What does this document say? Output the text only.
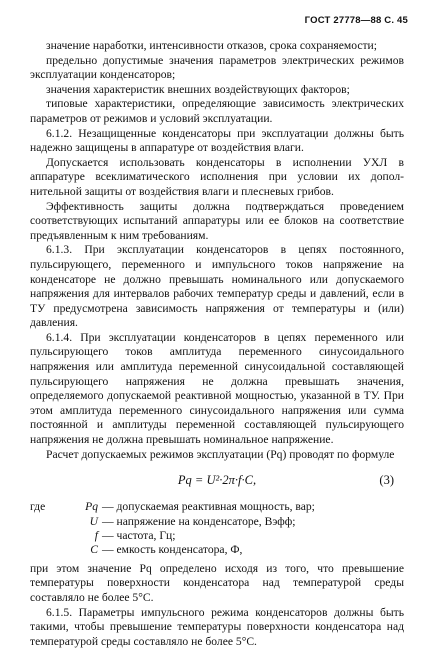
ГОСТ 27778—88 С. 45

значение наработки, интенсивности отказов, срока сохраняемости;

предельно допустимые значения параметров электрических режимов эксплуатации конденсаторов;

значения характеристик внешних воздействующих факторов;

типовые характеристики, определяющие зависимость электрических параметров от режимов и условий эксплуатации.

6.1.2. Незащищенные конденсаторы при эксплуатации должны быть надежно защищены в аппаратуре от воздействия влаги.

Допускается использовать конденсаторы в исполнении УХЛ в аппаратуре всеклиматического исполнения при условии их дополнительной защиты от воздействия влаги и плесневых грибов.

Эффективность защиты должна подтверждаться проведением соответствующих испытаний аппаратуры или ее блоков на соответствие предъявленным к ним требованиям.

6.1.3. При эксплуатации конденсаторов в цепях постоянного, пульсирующего, переменного и импульсного токов напряжение на конденсаторе не должно превышать номинального или допускаемого напряжения для интервалов рабочих температур среды и давлений, если в ТУ предусмотрена зависимость напряжения от температуры и (или) давления.

6.1.4. При эксплуатации конденсаторов в цепях переменного или пульсирующего токов амплитуда переменного синусоидального напряжения или амплитуда переменной синусоидальной составляющей пульсирующего напряжения не должна превышать значения, определяемого допускаемой реактивной мощностью, указанной в ТУ. При этом амплитуда переменного синусоидального напряжения или сумма постоянной и амплитуды переменной составляющей пульсирующего напряжения не должна превышать номинальное напряжение.

Расчет допускаемых режимов эксплуатации (Pq) проводят по формуле

Pq = U²·2π·f·C,	(3)
где	Pq — допускаемая реактивная мощность, вар;
U — напряжение на конденсаторе, Вэфф;
f — частота, Гц;
C — емкость конденсатора, Ф,

при этом значение Pq определено исходя из того, что превышение температуры поверхности конденсатора над температурой среды составляло не более 5°С.

6.1.5. Параметры импульсного режима конденсаторов должны быть такими, чтобы превышение температуры поверхности конденсатора над температурой среды составляло не более 5°С.
